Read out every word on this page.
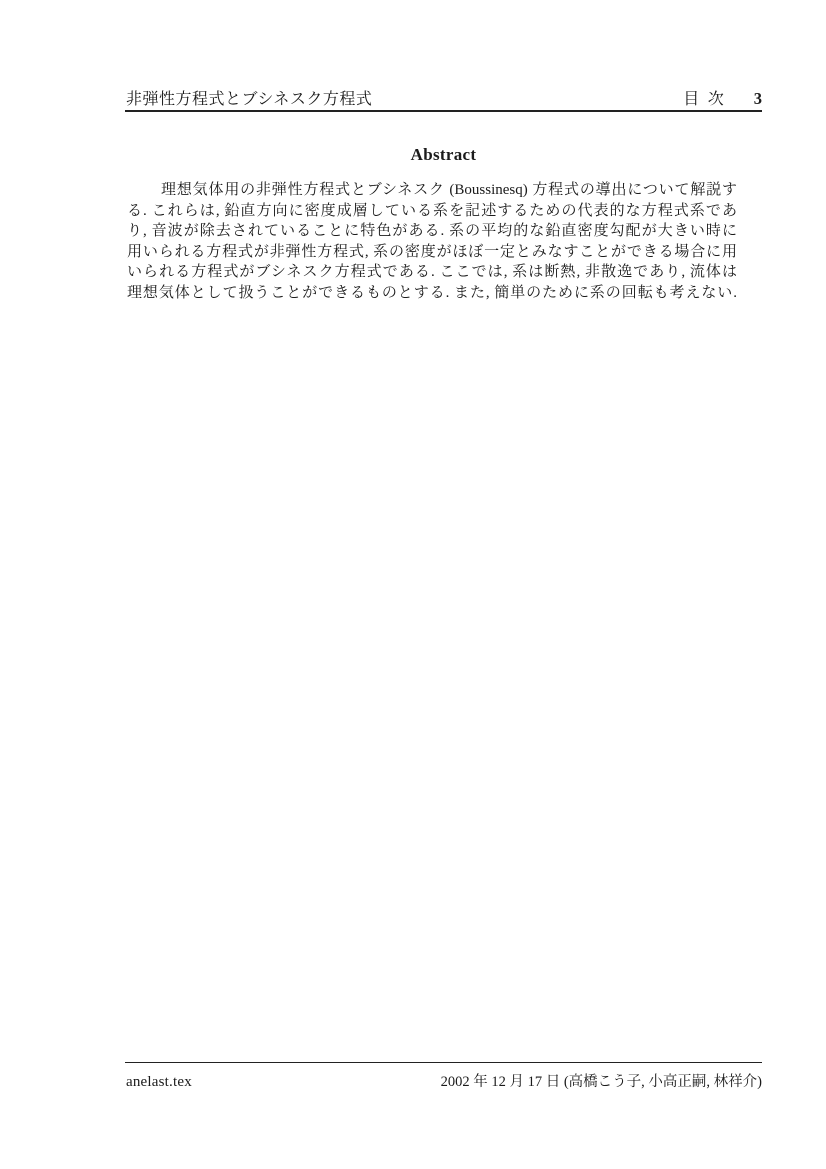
非弾性方程式とブシネスク方程式	目 次 3
Abstract
理想気体用の非弾性方程式とブシネスク (Boussinesq) 方程式の導出について解説す
る. これらは, 鉛直方向に密度成層している系を記述するための代表的な方程式系であ
り, 音波が除去されていることに特色がある. 系の平均的な鉛直密度勾配が大きい時に
用いられる方程式が非弾性方程式, 系の密度がほぼ一定とみなすことができる場合に用
いられる方程式がブシネスク方程式である. ここでは, 系は断熱, 非散逸であり, 流体は
理想気体として扱うことができるものとする. また, 簡単のために系の回転も考えない.
anelast.tex	2002 年 12 月 17 日 (高橋こう子, 小高正嗣, 林祥介)
